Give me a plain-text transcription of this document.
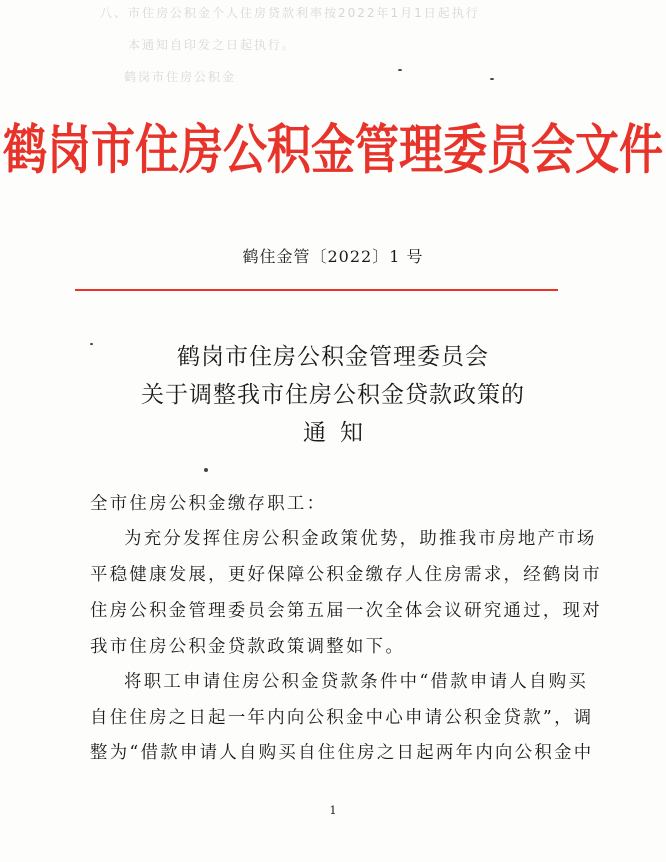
八、市住房公积金个人住房贷款利率按2022年1月1日起执行
本通知自印发之日起执行。
鹤岗市住房公积金
鹤岗市住房公积金管理委员会文件
鹤住金管〔2022〕1 号
鹤岗市住房公积金管理委员会
关于调整我市住房公积金贷款政策的
通知
全市住房公积金缴存职工：
为充分发挥住房公积金政策优势，助推我市房地产市场
平稳健康发展，更好保障公积金缴存人住房需求，经鹤岗市
住房公积金管理委员会第五届一次全体会议研究通过，现对
我市住房公积金贷款政策调整如下。
将职工申请住房公积金贷款条件中“借款申请人自购买
自住住房之日起一年内向公积金中心申请公积金贷款”，调
整为“借款申请人自购买自住住房之日起两年内向公积金中
1
